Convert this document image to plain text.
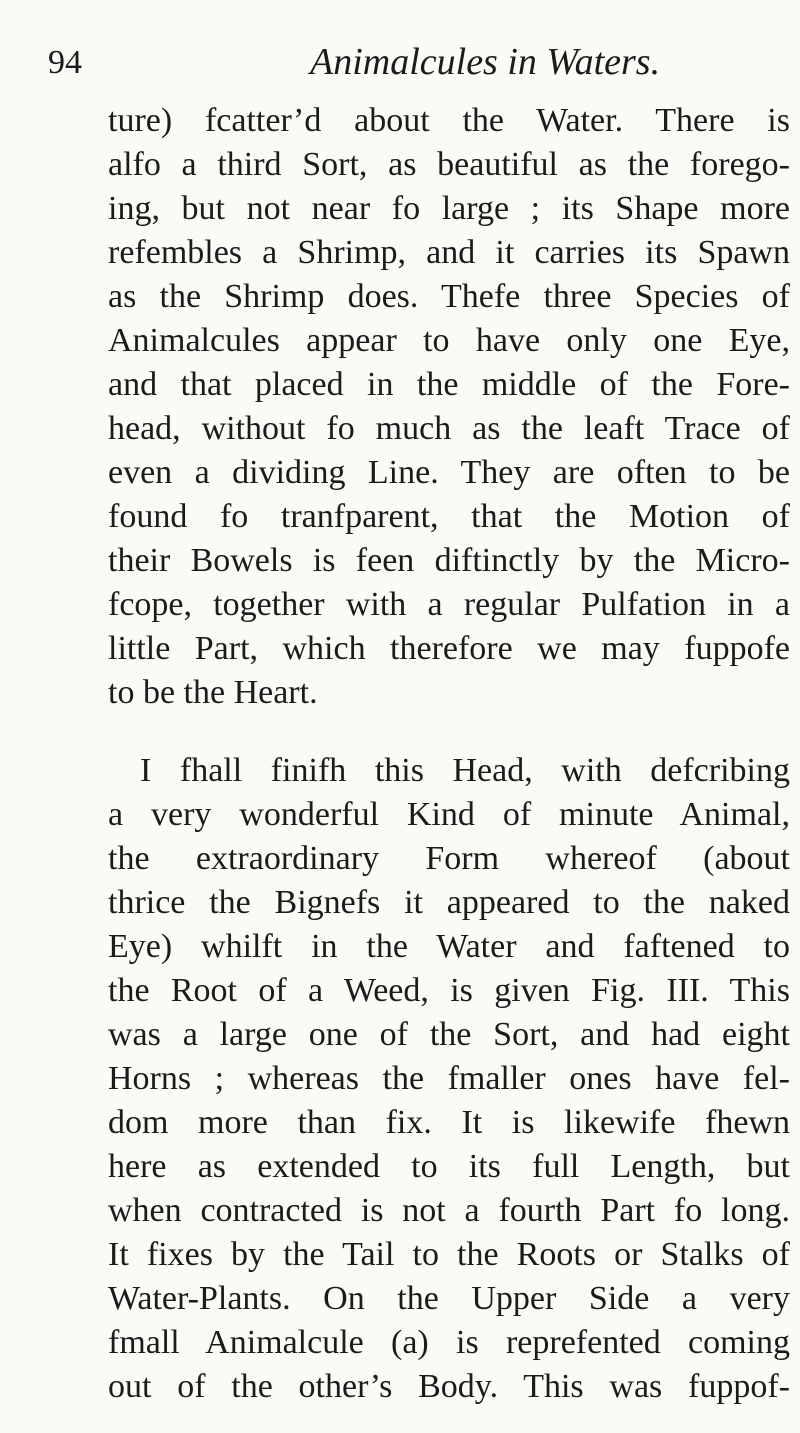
94	Animalcules in Waters.
ture) fcatter’d about the Water. There is
alfo a third Sort, as beautiful as the forego-
ing, but not near fo large ; its Shape more
refembles a Shrimp, and it carries its Spawn
as the Shrimp does. Thefe three Species of
Animalcules appear to have only one Eye,
and that placed in the middle of the Fore-
head, without fo much as the leaft Trace of
even a dividing Line. They are often to be
found fo tranfparent, that the Motion of
their Bowels is feen diftinctly by the Micro-
fcope, together with a regular Pulfation in a
little Part, which therefore we may fuppofe
to be the Heart.
I fhall finifh this Head, with defcribing
a very wonderful Kind of minute Animal,
the extraordinary Form whereof (about
thrice the Bignefs it appeared to the naked
Eye) whilft in the Water and faftened to
the Root of a Weed, is given Fig. III. This
was a large one of the Sort, and had eight
Horns ; whereas the fmaller ones have fel-
dom more than fix. It is likewife fhewn
here as extended to its full Length, but
when contracted is not a fourth Part fo long.
It fixes by the Tail to the Roots or Stalks of
Water-Plants. On the Upper Side a very
fmall Animalcule (a) is reprefented coming
out of the other’s Body. This was fuppof-
